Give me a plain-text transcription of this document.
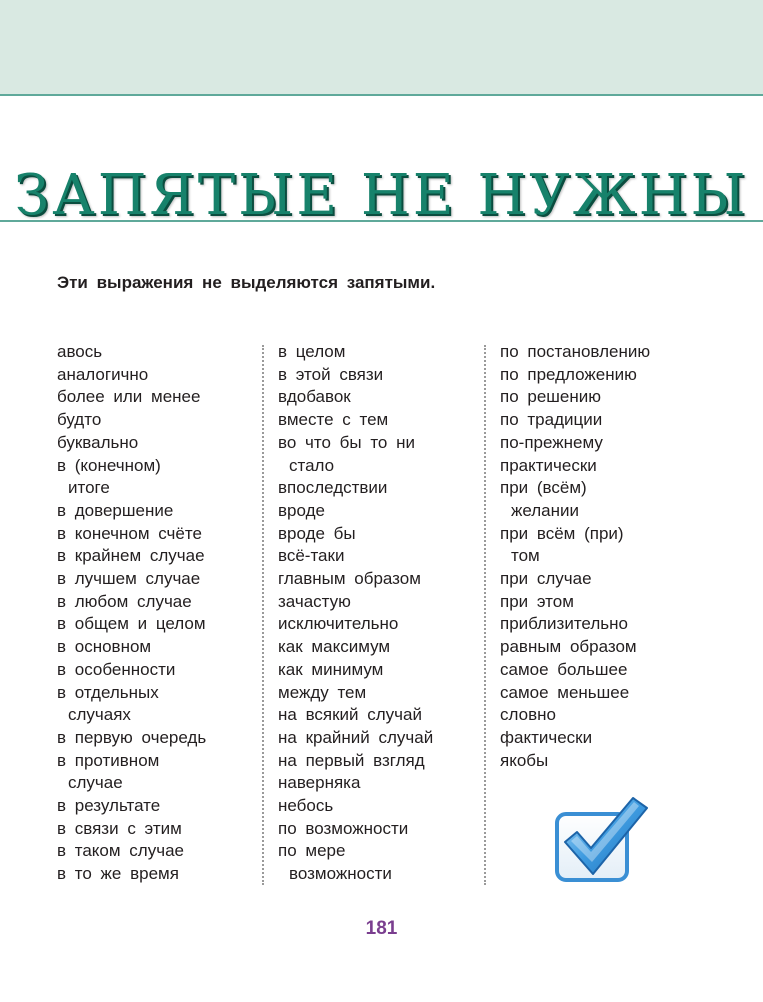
ЗАПЯТЫЕ НЕ НУЖНЫ

Эти выражения не выделяются запятыми.

авось
аналогично
более или менее
будто
буквально
в (конечном)
итоге
в довершение
в конечном счёте
в крайнем случае
в лучшем случае
в любом случае
в общем и целом
в основном
в особенности
в отдельных
случаях
в первую очередь
в противном
случае
в результате
в связи с этим
в таком случае
в то же время
в целом
в этой связи
вдобавок
вместе с тем
во что бы то ни
стало
впоследствии
вроде
вроде бы
всё-таки
главным образом
зачастую
исключительно
как максимум
как минимум
между тем
на всякий случай
на крайний случай
на первый взгляд
наверняка
небось
по возможности
по мере
возможности
по постановлению
по предложению
по решению
по традиции
по-прежнему
практически
при (всём)
желании
при всём (при)
том
при случае
при этом
приблизительно
равным образом
самое большее
самое меньшее
словно
фактически
якобы
181
